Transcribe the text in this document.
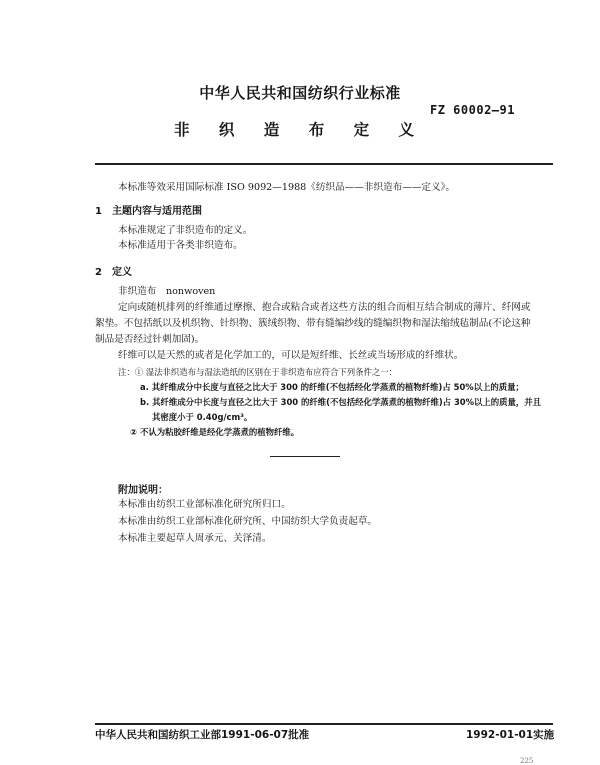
中华人民共和国纺织行业标准
FZ 60002—91
非 织 造 布 定 义
本标准等效采用国际标准 ISO 9092—1988《纺织品——非织造布——定义》。
1　主题内容与适用范围
本标准规定了非织造布的定义。
本标准适用于各类非织造布。
2　定义
非织造布　nonwoven
定向或随机排列的纤维通过摩擦、抱合或粘合或者这些方法的组合而相互结合制成的薄片、纤网或
絮垫。不包括纸以及机织物、针织物、簇绒织物、带有缝编纱线的缝编织物和湿法缩绒毡制品(不论这种
制品是否经过针刺加固)。
纤维可以是天然的或者是化学加工的，可以是短纤维、长丝或当场形成的纤维状。
注：① 湿法非织造布与湿法造纸的区别在于非织造布应符合下列条件之一：
a. 其纤维成分中长度与直径之比大于 300 的纤维(不包括经化学蒸煮的植物纤维)占 50%以上的质量；
b. 其纤维成分中长度与直径之比大于 300 的纤维(不包括经化学蒸煮的植物纤维)占 30%以上的质量，并且
其密度小于 0.40g/cm³。
② 不认为粘胶纤维是经化学蒸煮的植物纤维。
附加说明：
本标准由纺织工业部标准化研究所归口。
本标准由纺织工业部标准化研究所、中国纺织大学负责起草。
本标准主要起草人周承元、关泽清。
中华人民共和国纺织工业部1991-06-07批准	1992-01-01实施
225
